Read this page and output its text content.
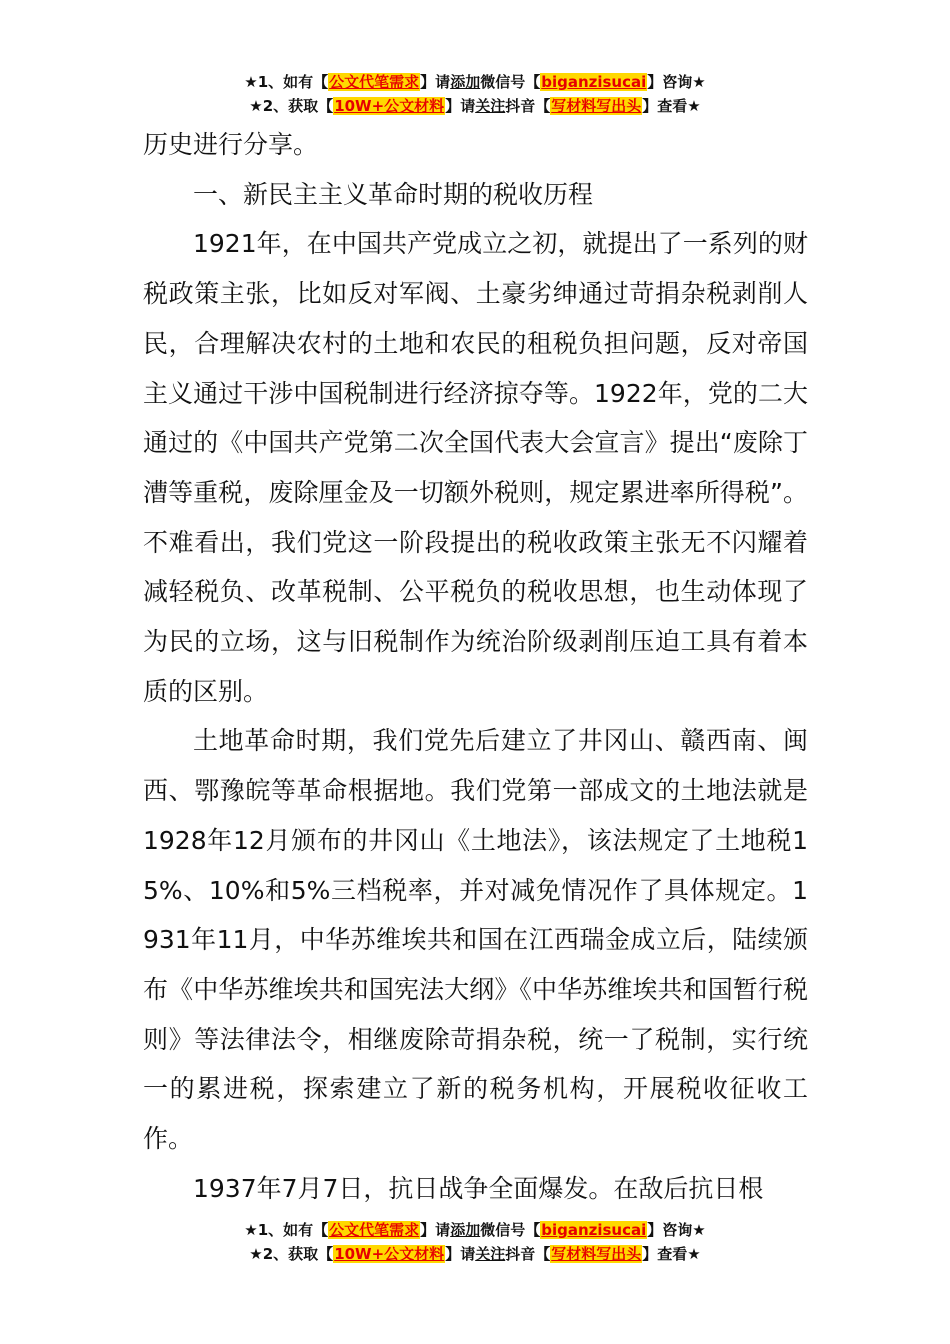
★1、如有【公文代笔需求】请添加微信号【biganzisucai】咨询★
★2、获取【10W+公文材料】请关注抖音【写材料写出头】查看★

历史进行分享。

一、新民主主义革命时期的税收历程

1921年，在中国共产党成立之初，就提出了一系列的财税政策主张，比如反对军阀、土豪劣绅通过苛捐杂税剥削人民，合理解决农村的土地和农民的租税负担问题，反对帝国主义通过干涉中国税制进行经济掠夺等。1922年，党的二大通过的《中国共产党第二次全国代表大会宣言》提出“废除丁漕等重税，废除厘金及一切额外税则，规定累进率所得税”。不难看出，我们党这一阶段提出的税收政策主张无不闪耀着减轻税负、改革税制、公平税负的税收思想，也生动体现了为民的立场，这与旧税制作为统治阶级剥削压迫工具有着本质的区别。

土地革命时期，我们党先后建立了井冈山、赣西南、闽西、鄂豫皖等革命根据地。我们党第一部成文的土地法就是1928年12月颁布的井冈山《土地法》，该法规定了土地税15%、10%和5%三档税率，并对减免情况作了具体规定。1931年11月，中华苏维埃共和国在江西瑞金成立后，陆续颁布《中华苏维埃共和国宪法大纲》《中华苏维埃共和国暂行税则》等法律法令，相继废除苛捐杂税，统一了税制，实行统一的累进税，探索建立了新的税务机构，开展税收征收工作。

1937年7月7日，抗日战争全面爆发。在敌后抗日根

★1、如有【公文代笔需求】请添加微信号【biganzisucai】咨询★
★2、获取【10W+公文材料】请关注抖音【写材料写出头】查看★
